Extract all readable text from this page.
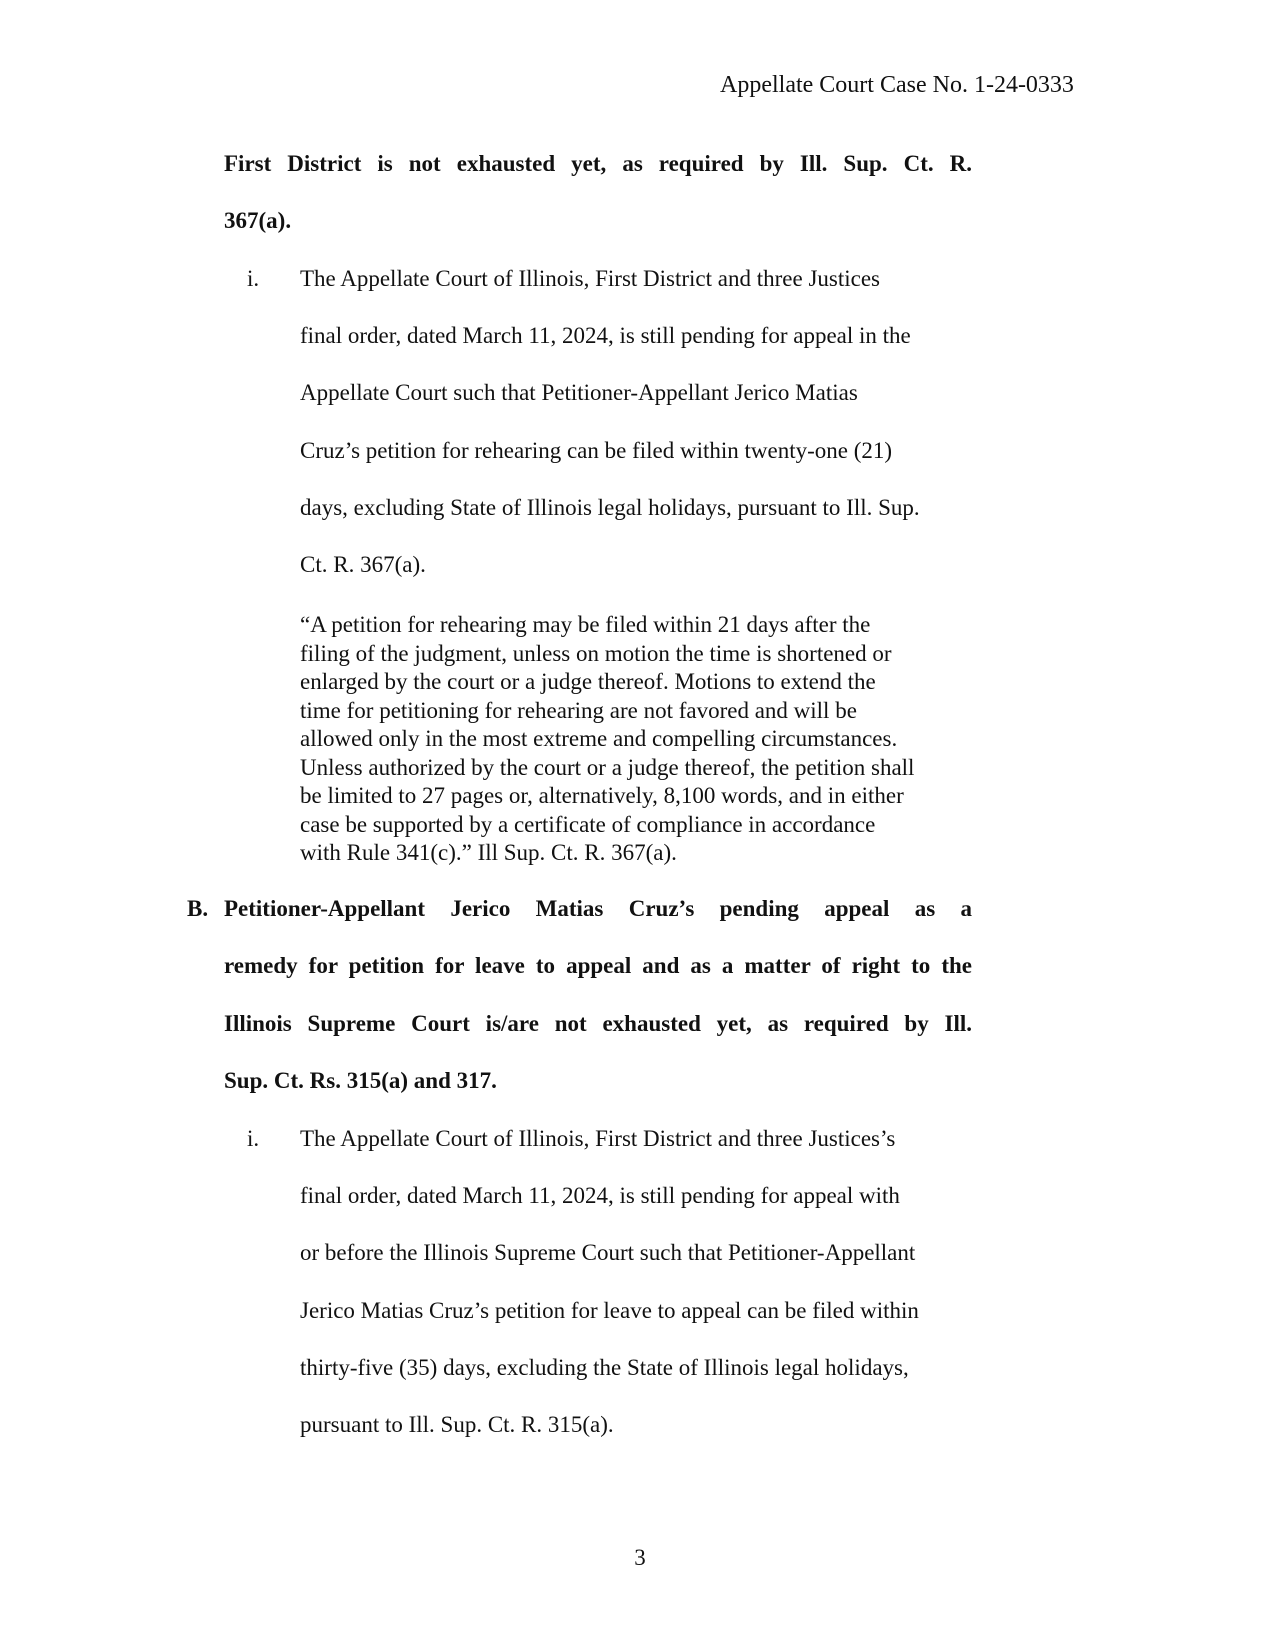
Appellate Court Case No. 1-24-0333
First District is not exhausted yet, as required by Ill. Sup. Ct. R.
367(a).
i. The Appellate Court of Illinois, First District and three Justices
final order, dated March 11, 2024, is still pending for appeal in the
Appellate Court such that Petitioner-Appellant Jerico Matias
Cruz’s petition for rehearing can be filed within twenty-one (21)
days, excluding State of Illinois legal holidays, pursuant to Ill. Sup.
Ct. R. 367(a).
“A petition for rehearing may be filed within 21 days after the
filing of the judgment, unless on motion the time is shortened or
enlarged by the court or a judge thereof. Motions to extend the
time for petitioning for rehearing are not favored and will be
allowed only in the most extreme and compelling circumstances.
Unless authorized by the court or a judge thereof, the petition shall
be limited to 27 pages or, alternatively, 8,100 words, and in either
case be supported by a certificate of compliance in accordance
with Rule 341(c).” Ill Sup. Ct. R. 367(a).
B. Petitioner-Appellant Jerico Matias Cruz’s pending appeal as a
remedy for petition for leave to appeal and as a matter of right to the
Illinois Supreme Court is/are not exhausted yet, as required by Ill.
Sup. Ct. Rs. 315(a) and 317.
i. The Appellate Court of Illinois, First District and three Justices’s
final order, dated March 11, 2024, is still pending for appeal with
or before the Illinois Supreme Court such that Petitioner-Appellant
Jerico Matias Cruz’s petition for leave to appeal can be filed within
thirty-five (35) days, excluding the State of Illinois legal holidays,
pursuant to Ill. Sup. Ct. R. 315(a).
3
